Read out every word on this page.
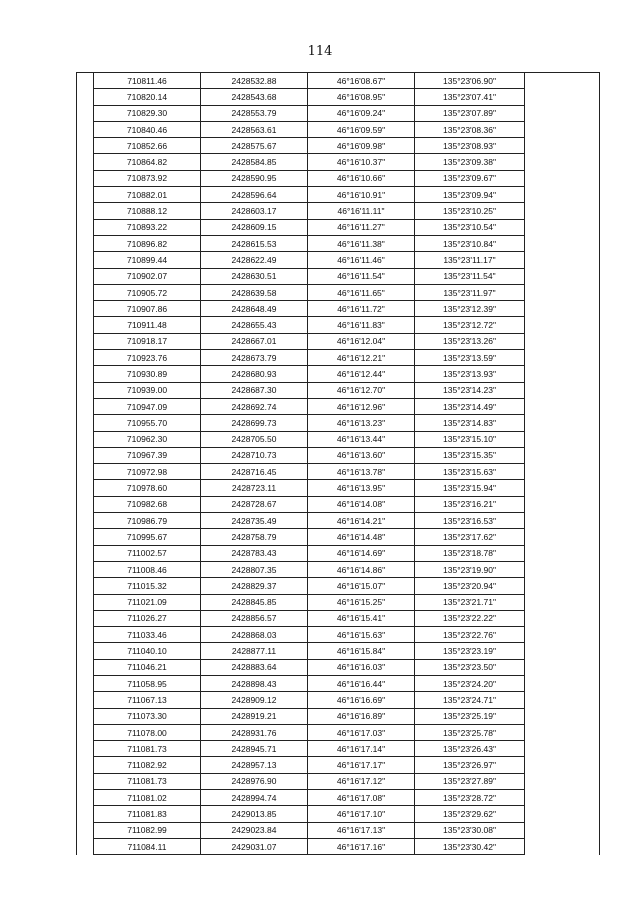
114
	710811.46	2428532.88	46°16'08.67"	135°23'06.90"	
	710820.14	2428543.68	46°16'08.95"	135°23'07.41"	
	710829.30	2428553.79	46°16'09.24"	135°23'07.89"	
	710840.46	2428563.61	46°16'09.59"	135°23'08.36"	
	710852.66	2428575.67	46°16'09.98"	135°23'08.93"	
	710864.82	2428584.85	46°16'10.37"	135°23'09.38"	
	710873.92	2428590.95	46°16'10.66"	135°23'09.67"	
	710882.01	2428596.64	46°16'10.91"	135°23'09.94"	
	710888.12	2428603.17	46°16'11.11"	135°23'10.25"	
	710893.22	2428609.15	46°16'11.27"	135°23'10.54"	
	710896.82	2428615.53	46°16'11.38"	135°23'10.84"	
	710899.44	2428622.49	46°16'11.46"	135°23'11.17"	
	710902.07	2428630.51	46°16'11.54"	135°23'11.54"	
	710905.72	2428639.58	46°16'11.65"	135°23'11.97"	
	710907.86	2428648.49	46°16'11.72"	135°23'12.39"	
	710911.48	2428655.43	46°16'11.83"	135°23'12.72"	
	710918.17	2428667.01	46°16'12.04"	135°23'13.26"	
	710923.76	2428673.79	46°16'12.21"	135°23'13.59"	
	710930.89	2428680.93	46°16'12.44"	135°23'13.93"	
	710939.00	2428687.30	46°16'12.70"	135°23'14.23"	
	710947.09	2428692.74	46°16'12.96"	135°23'14.49"	
	710955.70	2428699.73	46°16'13.23"	135°23'14.83"	
	710962.30	2428705.50	46°16'13.44"	135°23'15.10"	
	710967.39	2428710.73	46°16'13.60"	135°23'15.35"	
	710972.98	2428716.45	46°16'13.78"	135°23'15.63"	
	710978.60	2428723.11	46°16'13.95"	135°23'15.94"	
	710982.68	2428728.67	46°16'14.08"	135°23'16.21"	
	710986.79	2428735.49	46°16'14.21"	135°23'16.53"	
	710995.67	2428758.79	46°16'14.48"	135°23'17.62"	
	711002.57	2428783.43	46°16'14.69"	135°23'18.78"	
	711008.46	2428807.35	46°16'14.86"	135°23'19.90"	
	711015.32	2428829.37	46°16'15.07"	135°23'20.94"	
	711021.09	2428845.85	46°16'15.25"	135°23'21.71"	
	711026.27	2428856.57	46°16'15.41"	135°23'22.22"	
	711033.46	2428868.03	46°16'15.63"	135°23'22.76"	
	711040.10	2428877.11	46°16'15.84"	135°23'23.19"	
	711046.21	2428883.64	46°16'16.03"	135°23'23.50"	
	711058.95	2428898.43	46°16'16.44"	135°23'24.20"	
	711067.13	2428909.12	46°16'16.69"	135°23'24.71"	
	711073.30	2428919.21	46°16'16.89"	135°23'25.19"	
	711078.00	2428931.76	46°16'17.03"	135°23'25.78"	
	711081.73	2428945.71	46°16'17.14"	135°23'26.43"	
	711082.92	2428957.13	46°16'17.17"	135°23'26.97"	
	711081.73	2428976.90	46°16'17.12"	135°23'27.89"	
	711081.02	2428994.74	46°16'17.08"	135°23'28.72"	
	711081.83	2429013.85	46°16'17.10"	135°23'29.62"	
	711082.99	2429023.84	46°16'17.13"	135°23'30.08"	
	711084.11	2429031.07	46°16'17.16"	135°23'30.42"	
